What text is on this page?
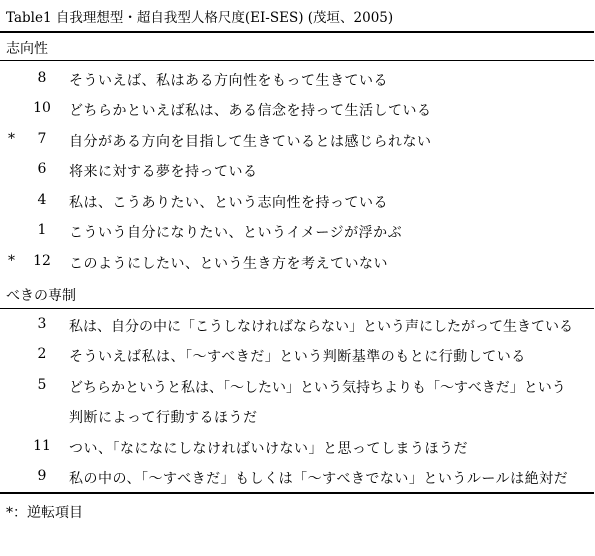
Table1 自我理想型・超自我型人格尺度(EI-SES) (茂垣、2005)
志向性
8	そういえば、私はある方向性をもって生きている
10 どちらかといえば私は、ある信念を持って生活している
*	7	自分がある方向を目指して生きているとは感じられない
6	将来に対する夢を持っている
4	私は、こうありたい、という志向性を持っている
1	こういう自分になりたい、というイメージが浮かぶ
* 12 このようにしたい、という生き方を考えていない
べきの専制
3	私は、自分の中に「こうしなければならない」という声にしたがって生きている
2	そういえば私は、「～すべきだ」という判断基準のもとに行動している
5	どちらかというと私は、「～したい」という気持ちよりも「～すべきだ」という
判断によって行動するほうだ
11 つい、「なになにしなければいけない」と思ってしまうほうだ
9	私の中の、「～すべきだ」もしくは「～すべきでない」というルールは絶対だ
*：逆転項目
